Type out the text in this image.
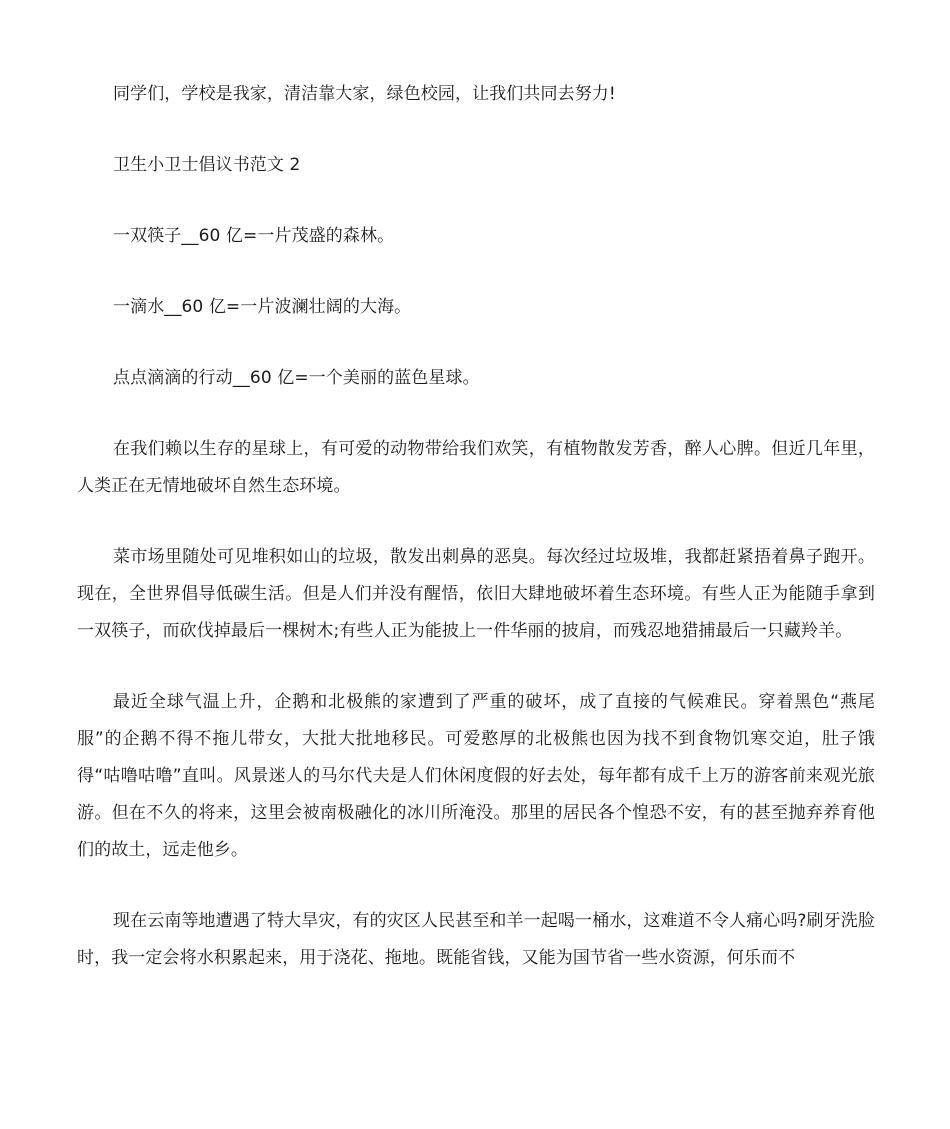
同学们，学校是我家，清洁靠大家，绿色校园，让我们共同去努力!

卫生小卫士倡议书范文 2

一双筷子__60 亿=一片茂盛的森林。

一滴水__60 亿=一片波澜壮阔的大海。

点点滴滴的行动__60 亿=一个美丽的蓝色星球。

在我们赖以生存的星球上，有可爱的动物带给我们欢笑，有植物散发芳香，醉人心脾。但近几年里，人类正在无情地破坏自然生态环境。

菜市场里随处可见堆积如山的垃圾，散发出刺鼻的恶臭。每次经过垃圾堆，我都赶紧捂着鼻子跑开。现在，全世界倡导低碳生活。但是人们并没有醒悟，依旧大肆地破坏着生态环境。有些人正为能随手拿到一双筷子，而砍伐掉最后一棵树木;有些人正为能披上一件华丽的披肩，而残忍地猎捕最后一只藏羚羊。

最近全球气温上升，企鹅和北极熊的家遭到了严重的破坏，成了直接的气候难民。穿着黑色“燕尾服”的企鹅不得不拖儿带女，大批大批地移民。可爱憨厚的北极熊也因为找不到食物饥寒交迫，肚子饿得“咕噜咕噜”直叫。风景迷人的马尔代夫是人们休闲度假的好去处，每年都有成千上万的游客前来观光旅游。但在不久的将来，这里会被南极融化的冰川所淹没。那里的居民各个惶恐不安，有的甚至抛弃养育他们的故土，远走他乡。

现在云南等地遭遇了特大旱灾，有的灾区人民甚至和羊一起喝一桶水，这难道不令人痛心吗?刷牙洗脸时，我一定会将水积累起来，用于浇花、拖地。既能省钱，又能为国节省一些水资源，何乐而不
